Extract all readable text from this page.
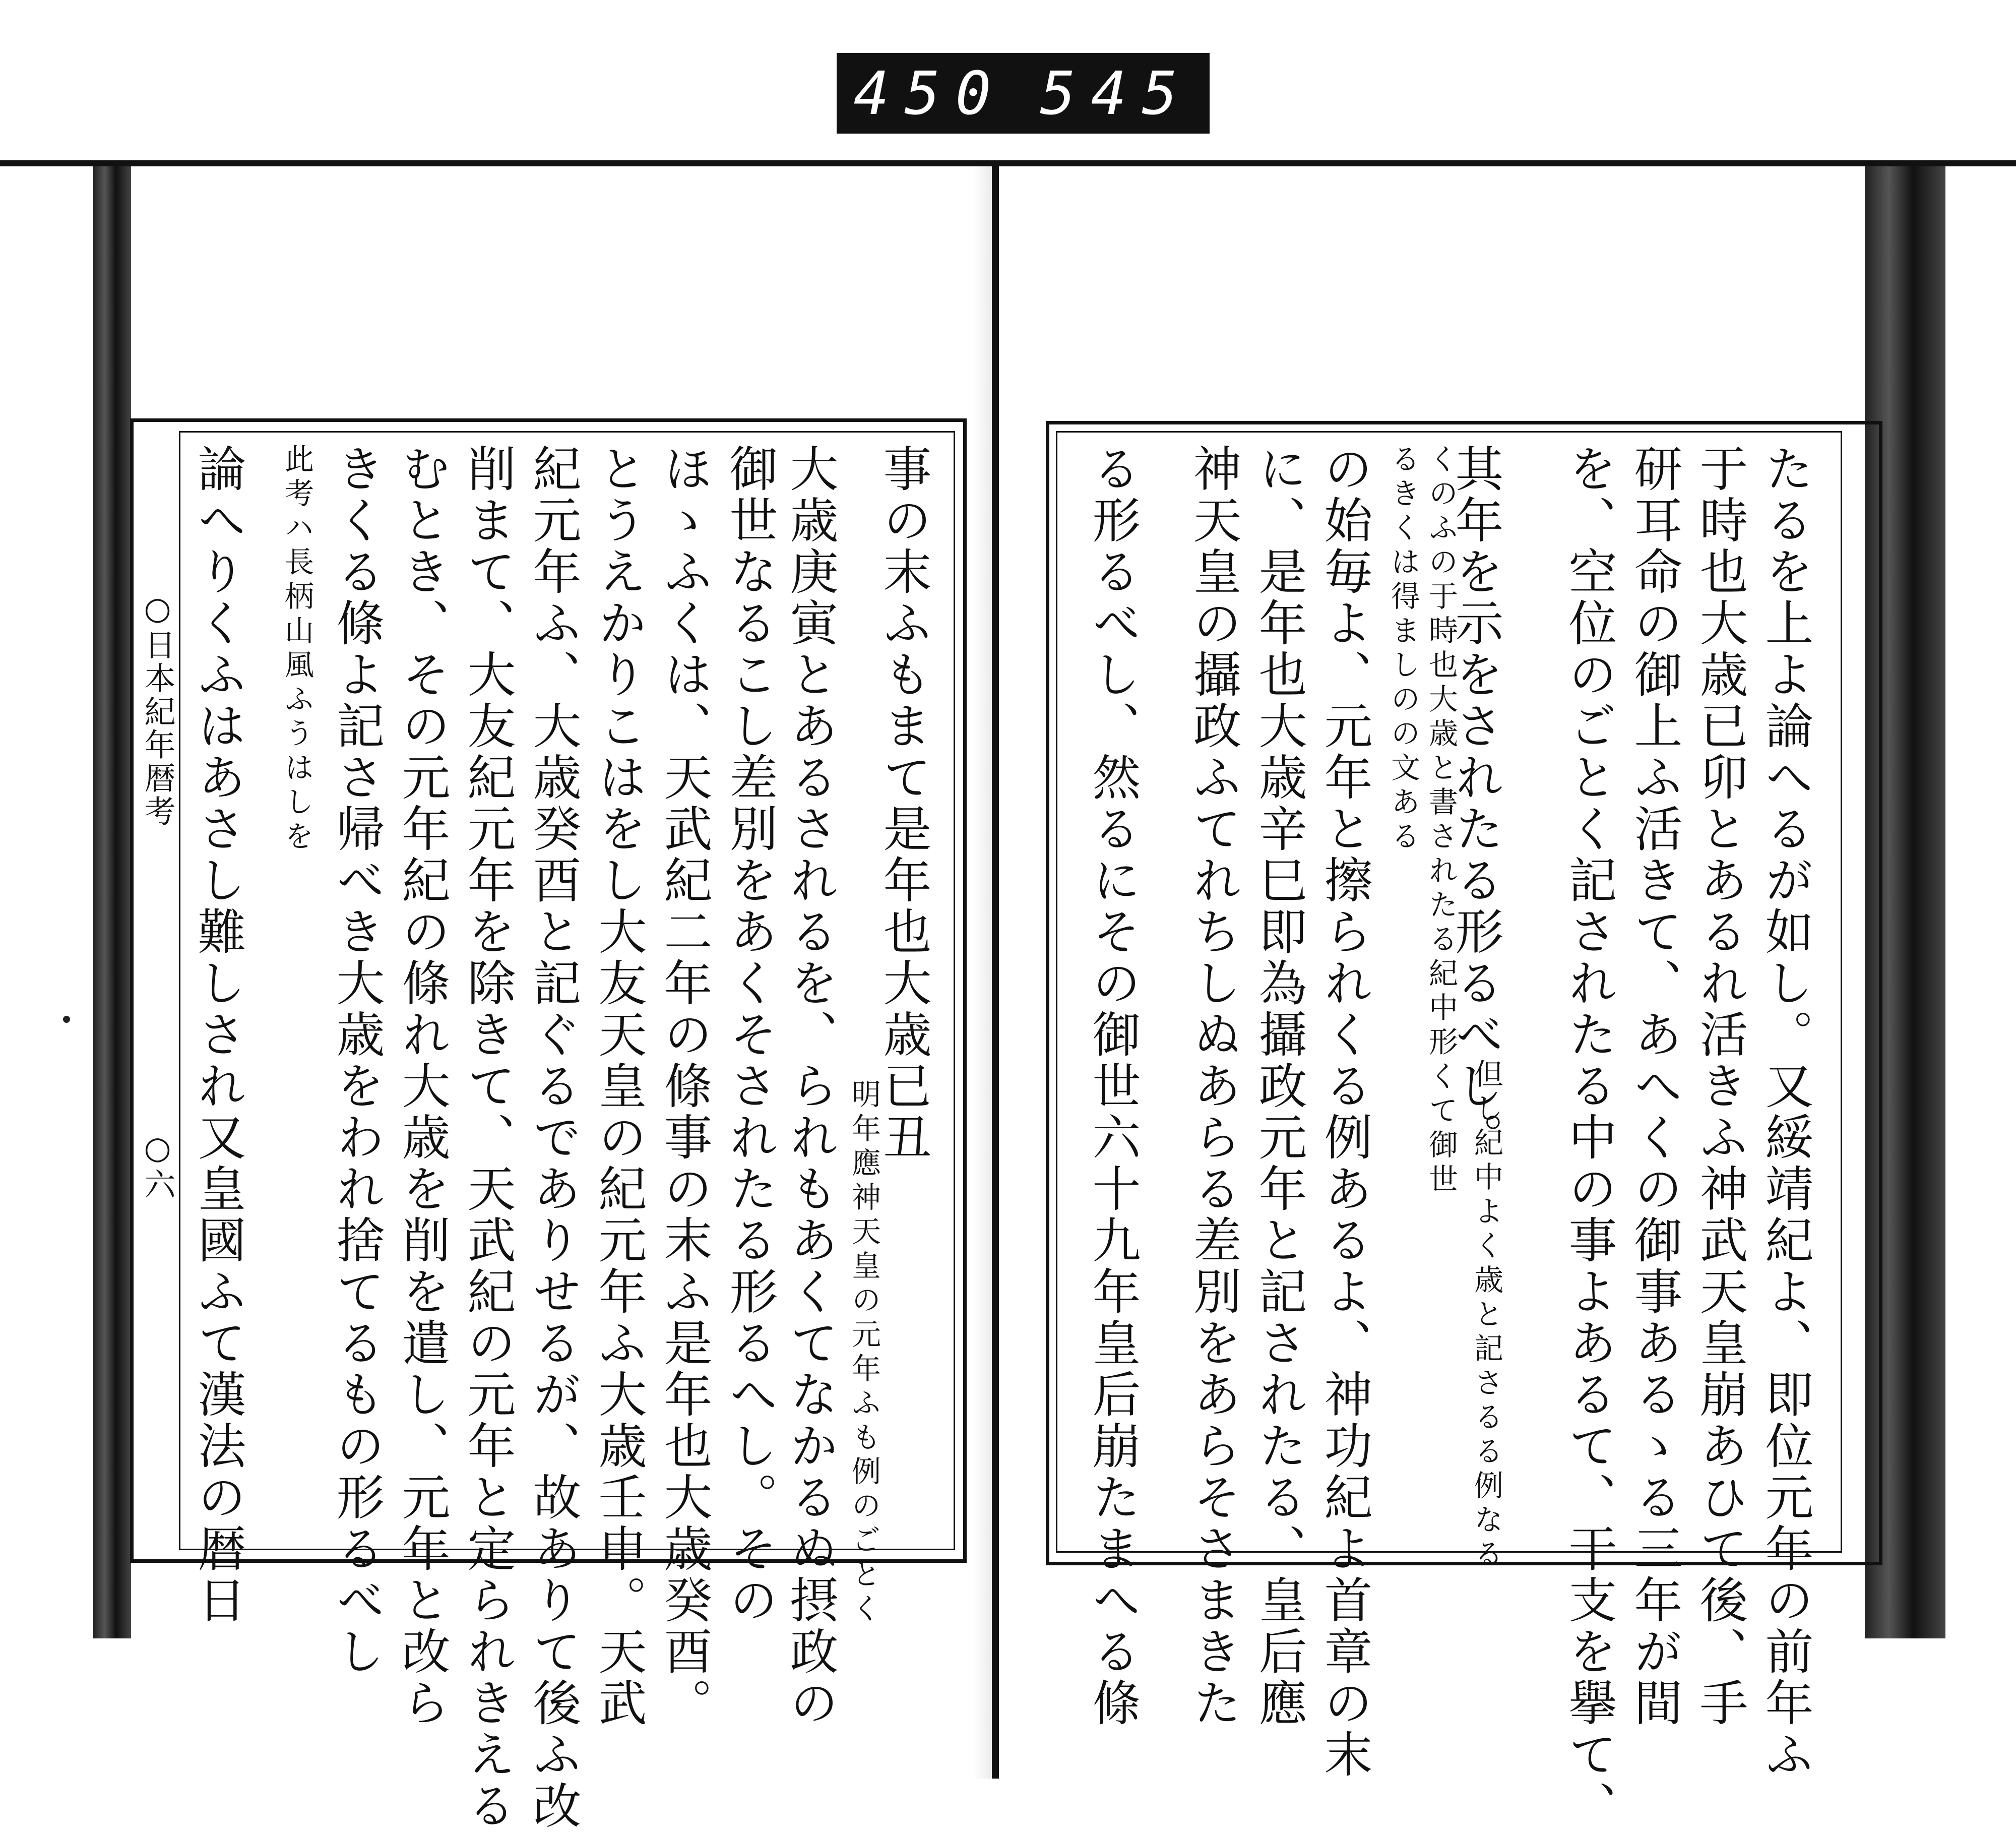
450 545
○日本紀年暦考
○六
事の末ふもまて是年也大歳已丑
明年應神天皇の元年ふも例のごとく
大歳庚寅とあるされるを、られもあくてなかるぬ摂政の
御世なるこし差別をあくそされたる形るへし。その
ほゝふくは、天武紀二年の條事の末ふ是年也大歳癸酉。
とうえかりこはをし大友天皇の紀元年ふ大歳壬申。天武
紀元年ふ、大歳癸酉と記ぐるでありせるが、故ありて後ふ改
削まて、大友紀元年を除きて、天武紀の元年と定られきえる
むとき、その元年紀の條れ大歳を削を遣し、元年と改ら
きくる條よ記さ帰べき大歳をわれ捨てるもの形るべし
此考ハ長柄山風ふうはしを
論へりくふはあさし難しされ又皇國ふて漢法の暦日	たるを上よ論へるが如し。又綏靖紀よ、即位元年の前年ふ
于時也大歳已卯とあるれ活きふ神武天皇崩あひて後、手
研耳命の御上ふ活きて、あへくの御事あるゝる三年が間
を、空位のごとく記されたる中の事よあるて、干支を擧て、
其年を示をされたる形るべし。
但し紀中よく歳と記さるる例なる
くのふの于時也大歳と書されたる紀中形くて御世
るきくは得ましのの文ある
の始毎よ、元年と擦られくる例あるよ、神功紀よ首章の末
に、是年也大歳辛巳即為攝政元年と記されたる、皇后應
神天皇の攝政ふてれちしぬあらる差別をあらそさまきた
る形るべし、然るにその御世六十九年皇后崩たまへる條
